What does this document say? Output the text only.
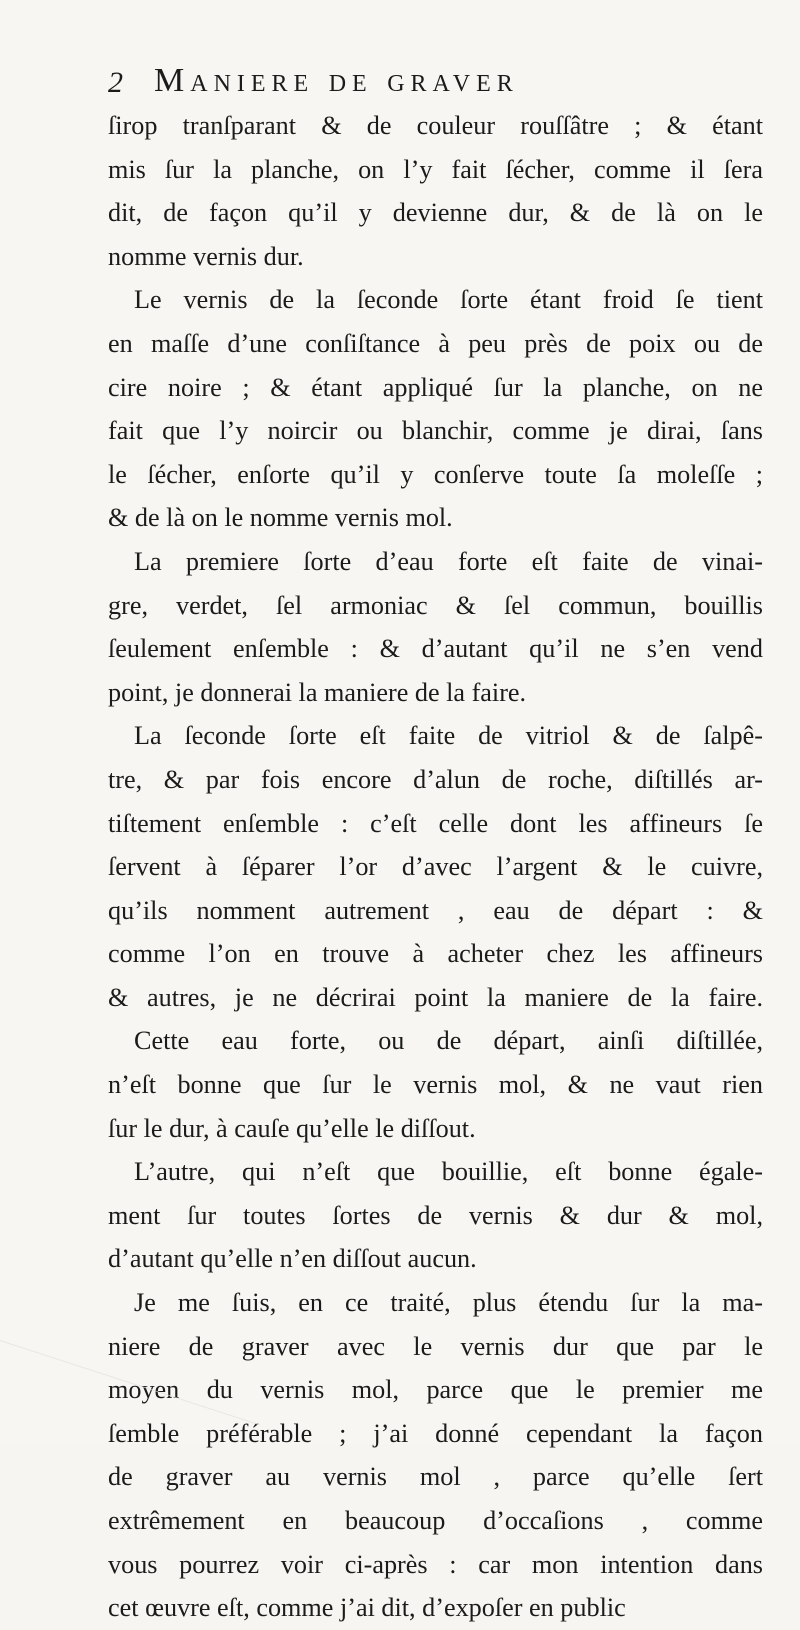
2 Maniere de graver
ſirop tranſparant & de couleur rouſſâtre ; & étant
mis ſur la planche, on l’y fait ſécher, comme il ſera
dit, de façon qu’il y devienne dur, & de là on le
nomme vernis dur.
Le vernis de la ſeconde ſorte étant froid ſe tient
en maſſe d’une conſiſtance à peu près de poix ou de
cire noire ; & étant appliqué ſur la planche, on ne
fait que l’y noircir ou blanchir, comme je dirai, ſans
le ſécher, enſorte qu’il y conſerve toute ſa moleſſe ;
& de là on le nomme vernis mol.
La premiere ſorte d’eau forte eſt faite de vinai-
gre, verdet, ſel armoniac & ſel commun, bouillis
ſeulement enſemble : & d’autant qu’il ne s’en vend
point, je donnerai la maniere de la faire.
La ſeconde ſorte eſt faite de vitriol & de ſalpê-
tre, & par fois encore d’alun de roche, diſtillés ar-
tiſtement enſemble : c’eſt celle dont les affineurs ſe
ſervent à ſéparer l’or d’avec l’argent & le cuivre,
qu’ils nomment autrement , eau de départ : &
comme l’on en trouve à acheter chez les affineurs
& autres, je ne décrirai point la maniere de la faire.
Cette eau forte, ou de départ, ainſi diſtillée,
n’eſt bonne que ſur le vernis mol, & ne vaut rien
ſur le dur, à cauſe qu’elle le diſſout.
L’autre, qui n’eſt que bouillie, eſt bonne égale-
ment ſur toutes ſortes de vernis & dur & mol,
d’autant qu’elle n’en diſſout aucun.
Je me ſuis, en ce traité, plus étendu ſur la ma-
niere de graver avec le vernis dur que par le
moyen du vernis mol, parce que le premier me
ſemble préférable ; j’ai donné cependant la façon
de graver au vernis mol , parce qu’elle ſert
extrêmement en beaucoup d’occaſions , comme
vous pourrez voir ci-après : car mon intention dans
cet œuvre eſt, comme j’ai dit, d’expoſer en public
